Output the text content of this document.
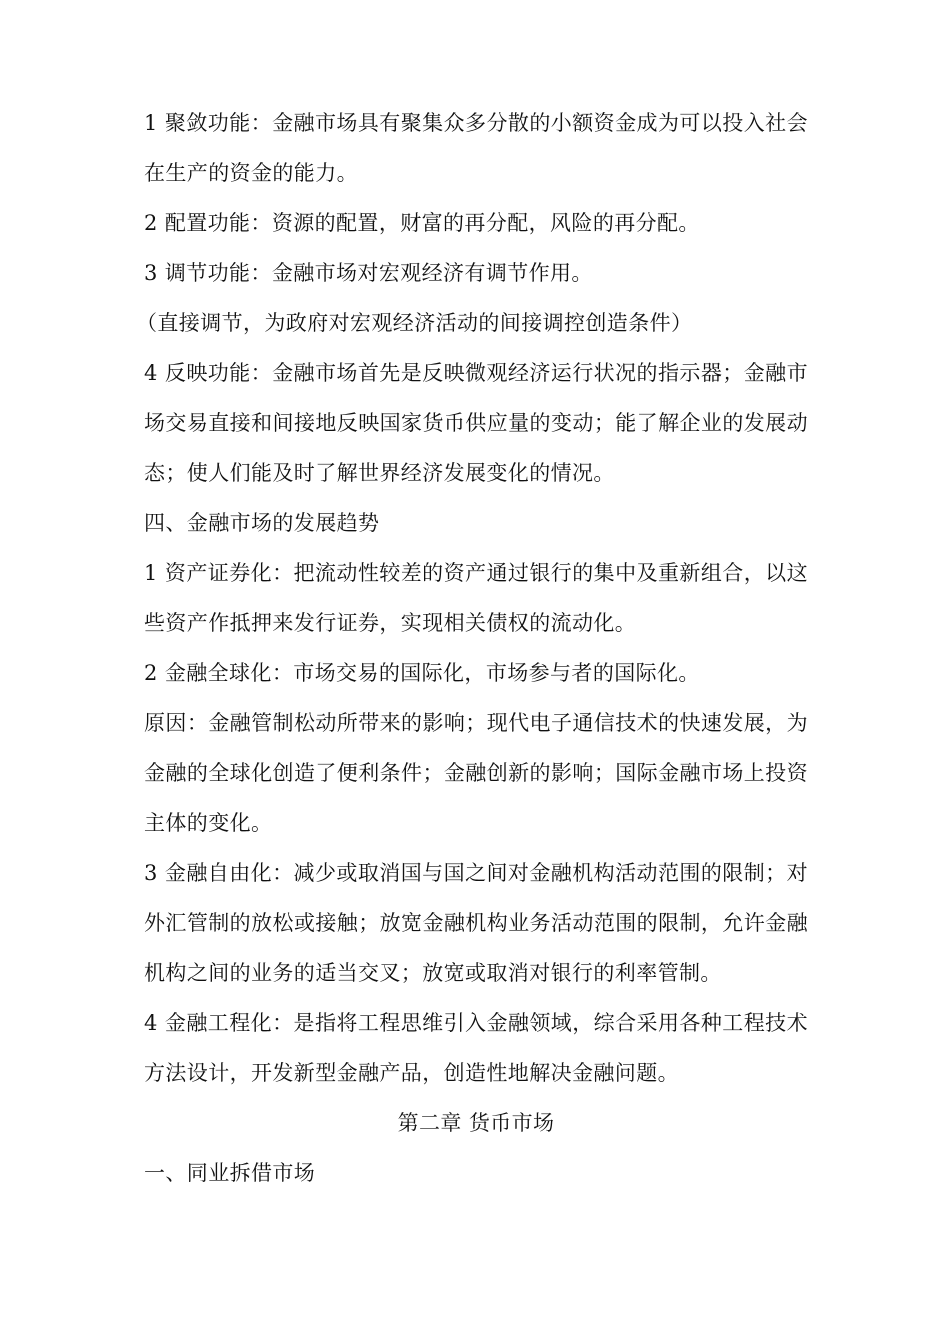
1 聚敛功能：金融市场具有聚集众多分散的小额资金成为可以投入社会在生产的资金的能力。

2 配置功能：资源的配置，财富的再分配，风险的再分配。

3 调节功能：金融市场对宏观经济有调节作用。

（直接调节，为政府对宏观经济活动的间接调控创造条件）

4 反映功能：金融市场首先是反映微观经济运行状况的指示器；金融市场交易直接和间接地反映国家货币供应量的变动；能了解企业的发展动态；使人们能及时了解世界经济发展变化的情况。

四、金融市场的发展趋势

1 资产证券化：把流动性较差的资产通过银行的集中及重新组合，以这些资产作抵押来发行证券，实现相关债权的流动化。

2 金融全球化：市场交易的国际化，市场参与者的国际化。

原因：金融管制松动所带来的影响；现代电子通信技术的快速发展，为金融的全球化创造了便利条件；金融创新的影响；国际金融市场上投资主体的变化。

3 金融自由化：减少或取消国与国之间对金融机构活动范围的限制；对外汇管制的放松或接触；放宽金融机构业务活动范围的限制，允许金融机构之间的业务的适当交叉；放宽或取消对银行的利率管制。

4 金融工程化：是指将工程思维引入金融领域，综合采用各种工程技术方法设计，开发新型金融产品，创造性地解决金融问题。

第二章 货币市场

一、同业拆借市场
